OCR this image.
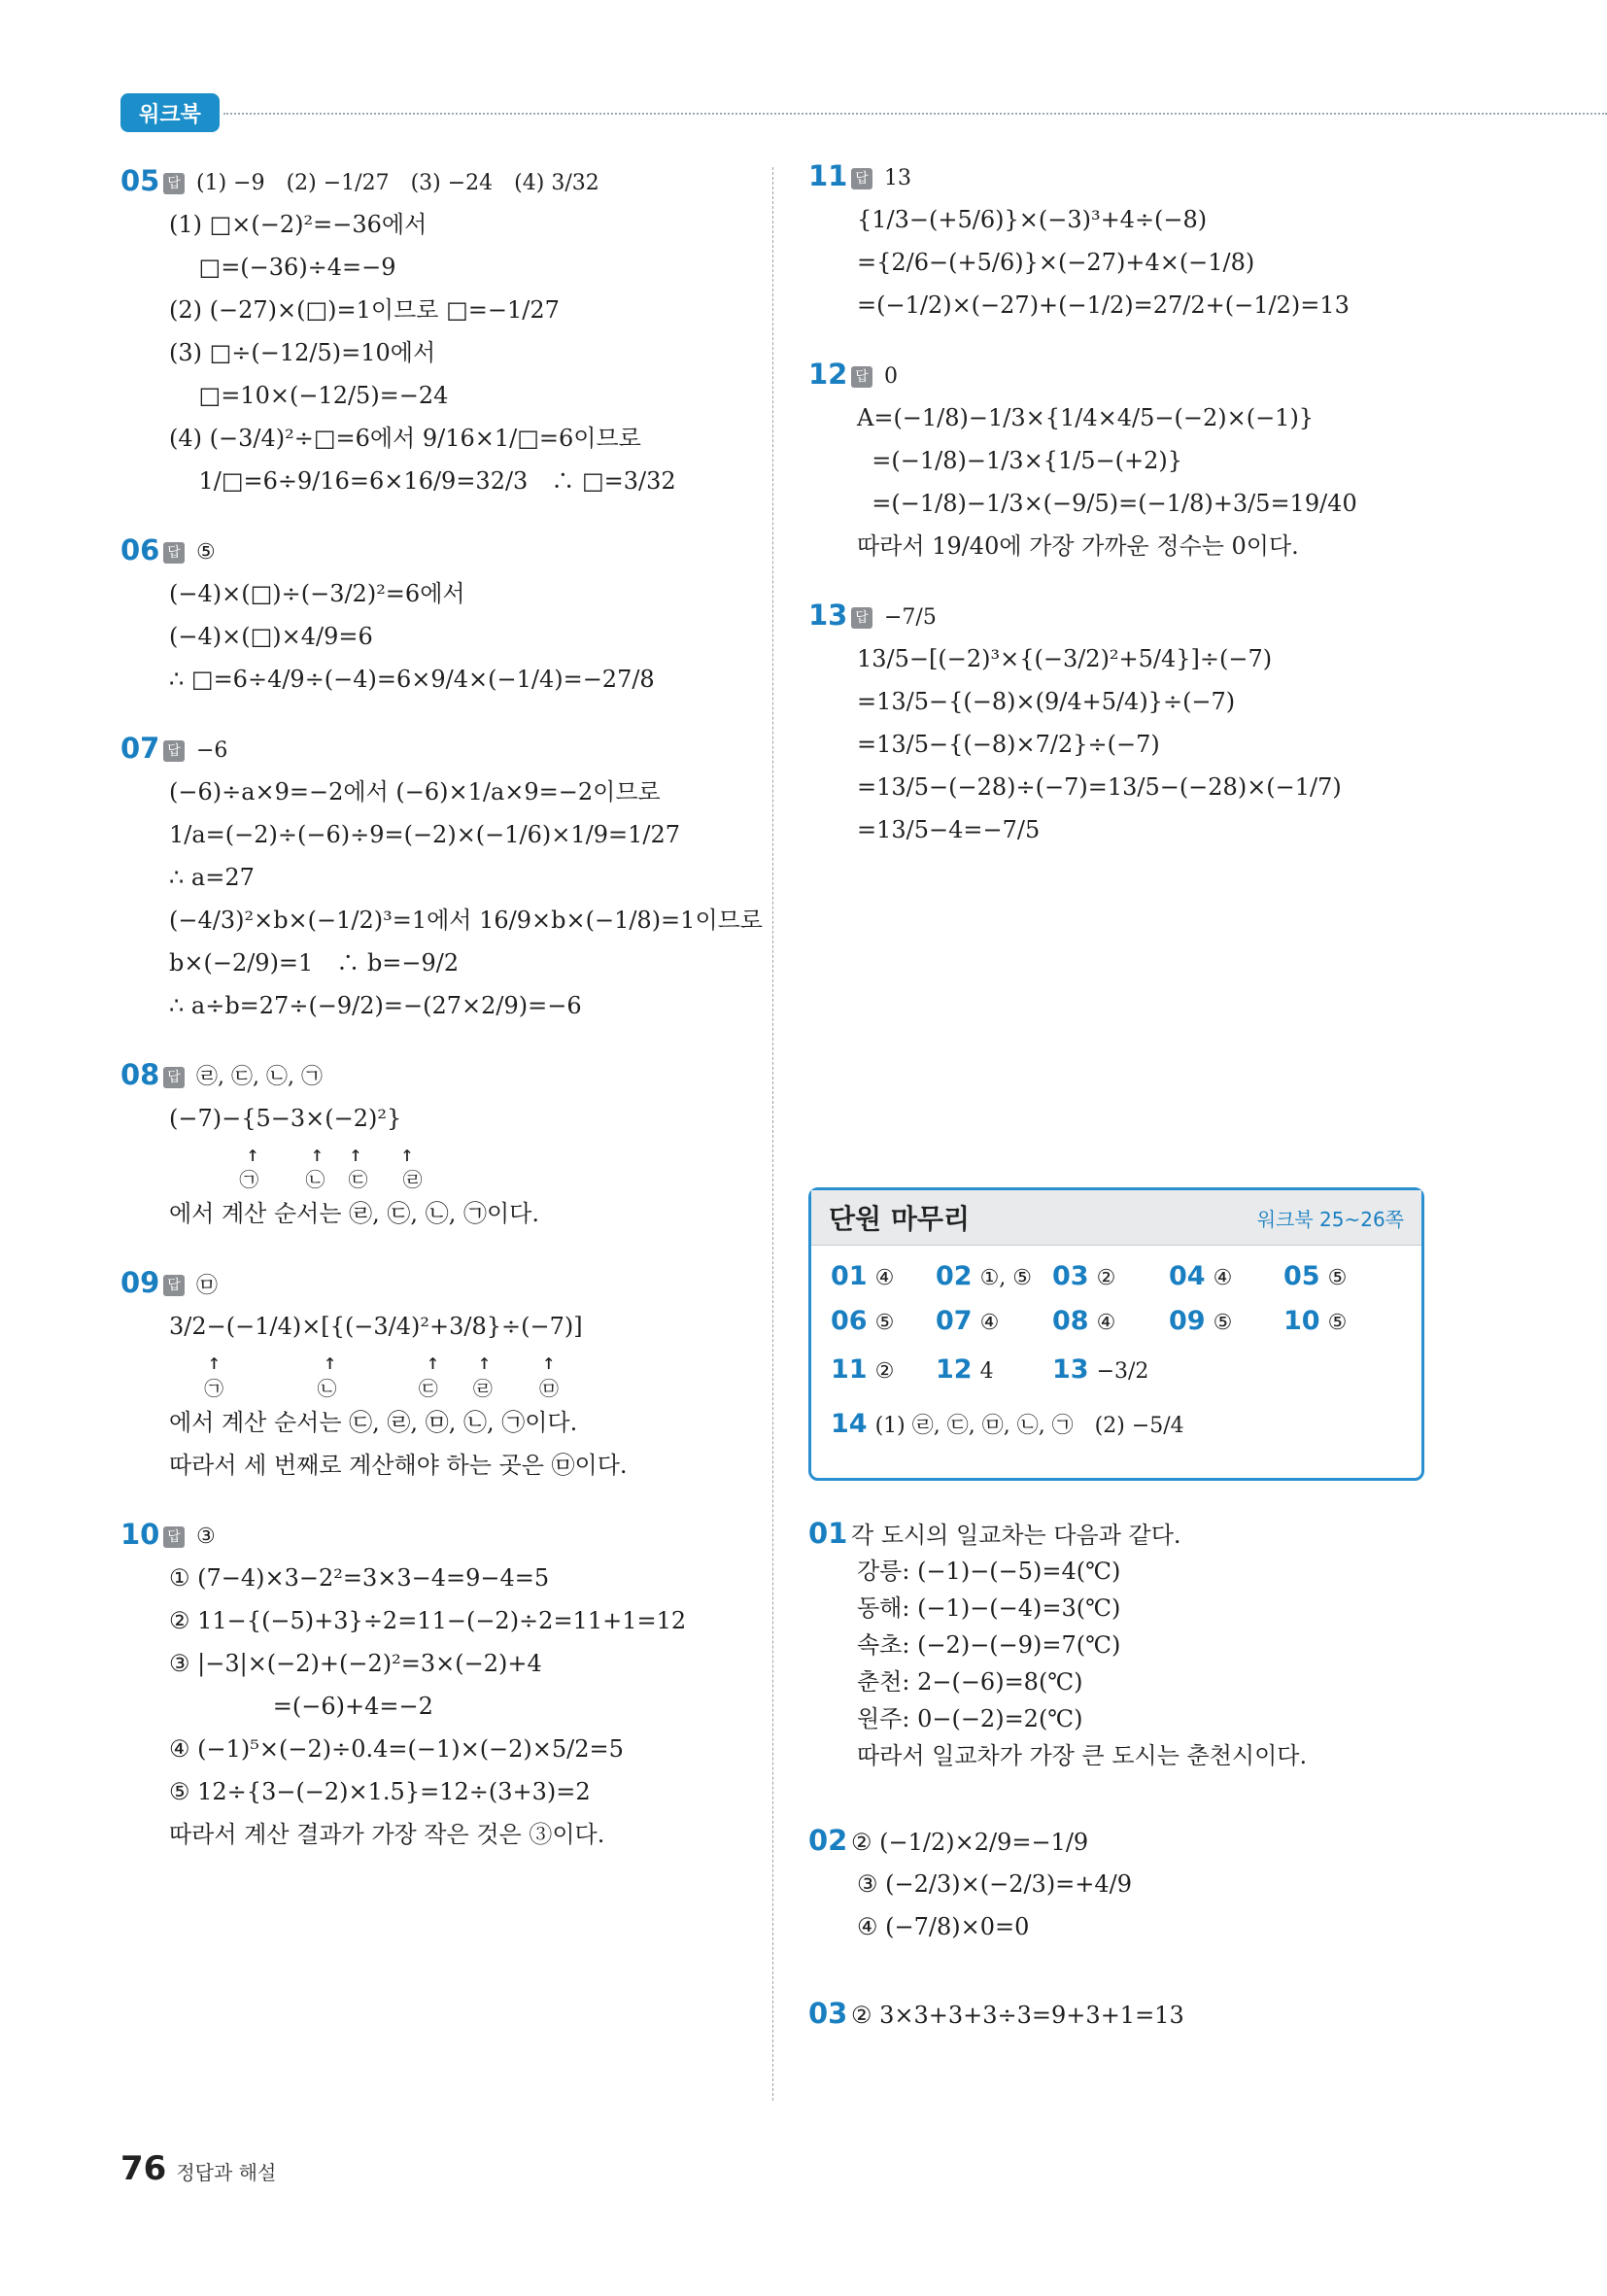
워크북
05 답 (1) −9　(2) −1/27　(3) −24　(4) 3/32
(1) □×(−2)²=−36에서
□=(−36)÷4=−9
(2) (−27)×(□)=1이므로 □=−1/27
(3) □÷(−12/5)=10에서
□=10×(−12/5)=−24
(4) (−3/4)²÷□=6에서 9/16×1/□=6이므로
1/□=6÷9/16=6×16/9=32/3　∴ □=3/32
06 답 ⑤
(−4)×(□)÷(−3/2)²=6에서
(−4)×(□)×4/9=6
∴ □=6÷4/9÷(−4)=6×9/4×(−1/4)=−27/8
07 답 −6
(−6)÷a×9=−2에서 (−6)×1/a×9=−2이므로
1/a=(−2)÷(−6)÷9=(−2)×(−1/6)×1/9=1/27
∴ a=27
(−4/3)²×b×(−1/2)³=1에서 16/9×b×(−1/8)=1이므로
b×(−2/9)=1　∴ b=−9/2
∴ a÷b=27÷(−9/2)=−(27×2/9)=−6
08 답 ㉣, ㉢, ㉡, ㉠
(−7)−{5−3×(−2)²}
↑    ↑  ↑   ↑
㉠    ㉡  ㉢   ㉣
에서 계산 순서는 ㉣, ㉢, ㉡, ㉠이다.
09 답 ㉤
3/2−(−1/4)×[{(−3/4)²+3/8}÷(−7)]
↑        ↑       ↑   ↑    ↑
㉠        ㉡       ㉢   ㉣    ㉤
에서 계산 순서는 ㉢, ㉣, ㉤, ㉡, ㉠이다.
따라서 세 번째로 계산해야 하는 곳은 ㉤이다.
10 답 ③
① (7−4)×3−2²=3×3−4=9−4=5
② 11−{(−5)+3}÷2=11−(−2)÷2=11+1=12
③ |−3|×(−2)+(−2)²=3×(−2)+4
=(−6)+4=−2
④ (−1)⁵×(−2)÷0.4=(−1)×(−2)×5/2=5
⑤ 12÷{3−(−2)×1.5}=12÷(3+3)=2
따라서 계산 결과가 가장 작은 것은 ③이다.
11 답 13
{1/3−(+5/6)}×(−3)³+4÷(−8)
={2/6−(+5/6)}×(−27)+4×(−1/8)
=(−1/2)×(−27)+(−1/2)=27/2+(−1/2)=13
12 답 0
A=(−1/8)−1/3×{1/4×4/5−(−2)×(−1)}
=(−1/8)−1/3×{1/5−(+2)}
=(−1/8)−1/3×(−9/5)=(−1/8)+3/5=19/40
따라서 19/40에 가장 가까운 정수는 0이다.
13 답 −7/5
13/5−[(−2)³×{(−3/2)²+5/4}]÷(−7)
=13/5−{(−8)×(9/4+5/4)}÷(−7)
=13/5−{(−8)×7/2}÷(−7)
=13/5−(−28)÷(−7)=13/5−(−28)×(−1/7)
=13/5−4=−7/5
단원 마무리	워크북 25~26쪽
01 ④ 02 ①, ⑤ 03 ② 04 ④ 05 ⑤
06 ⑤ 07 ④ 08 ④ 09 ⑤ 10 ⑤
11 ② 12 4 13 −3/2
14 (1) ㉣, ㉢, ㉤, ㉡, ㉠　(2) −5/4
01 각 도시의 일교차는 다음과 같다.
강릉: (−1)−(−5)=4(℃)
동해: (−1)−(−4)=3(℃)
속초: (−2)−(−9)=7(℃)
춘천: 2−(−6)=8(℃)
원주: 0−(−2)=2(℃)
따라서 일교차가 가장 큰 도시는 춘천시이다.
02 ② (−1/2)×2/9=−1/9
③ (−2/3)×(−2/3)=+4/9
④ (−7/8)×0=0
03 ② 3×3+3+3÷3=9+3+1=13
76 정답과 해설
